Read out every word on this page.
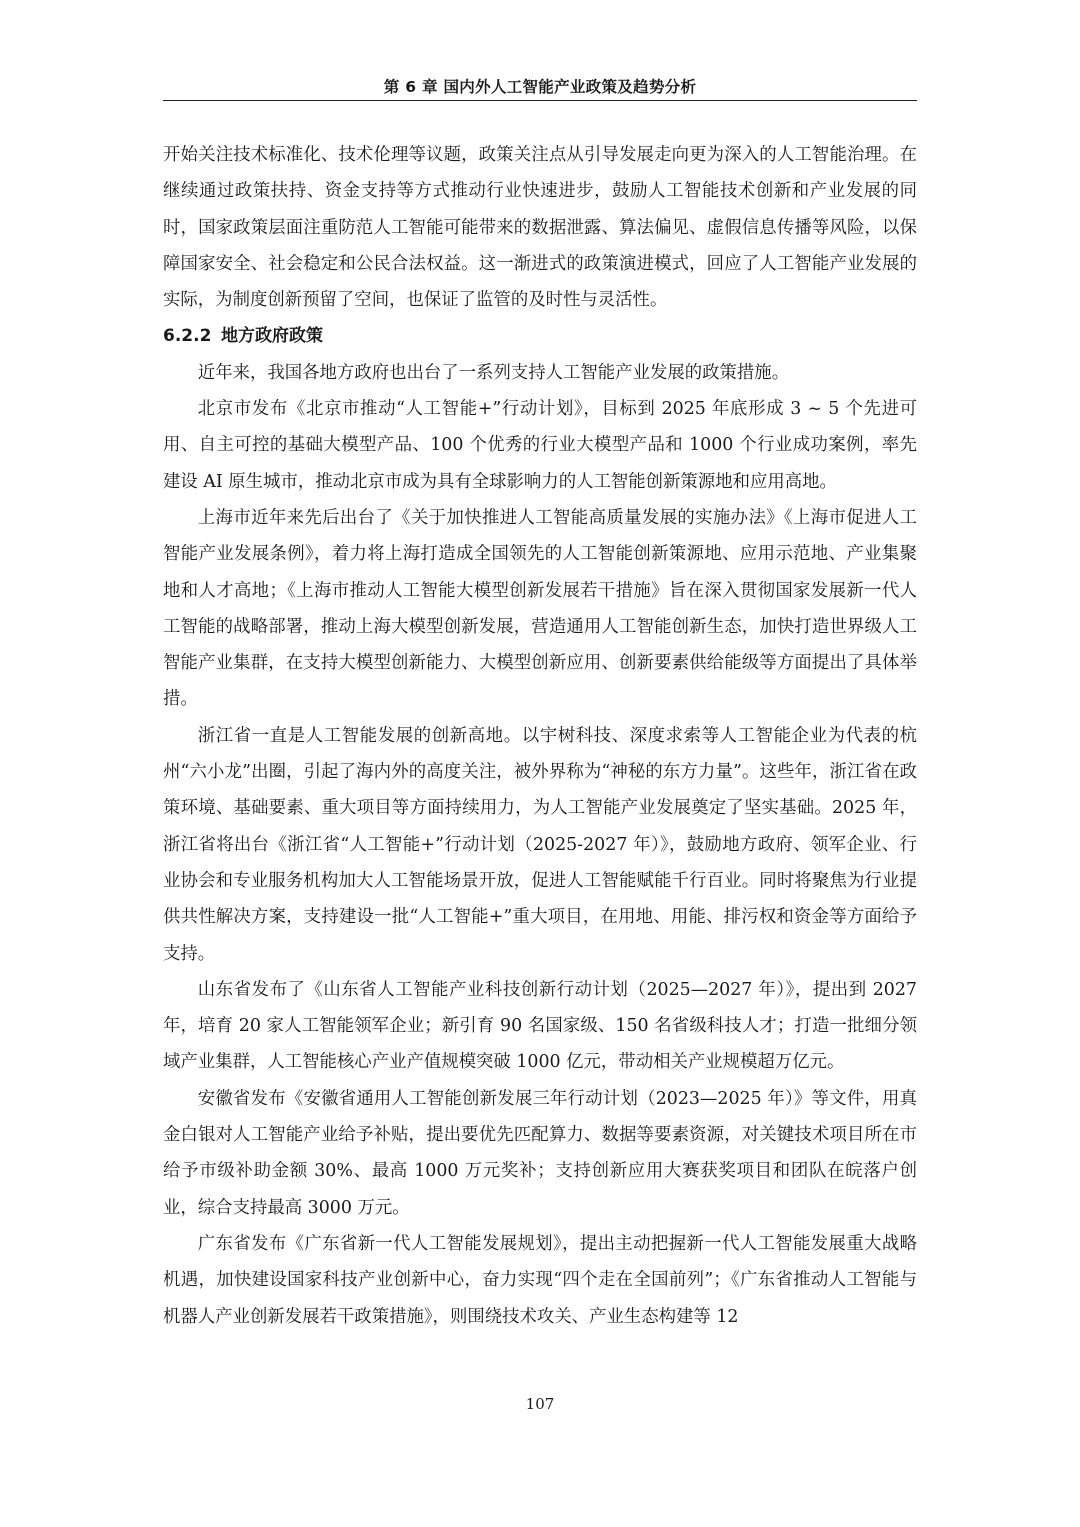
第 6 章 国内外人工智能产业政策及趋势分析

开始关注技术标准化、技术伦理等议题，政策关注点从引导发展走向更为深入的人工智能治理。在继续通过政策扶持、资金支持等方式推动行业快速进步，鼓励人工智能技术创新和产业发展的同时，国家政策层面注重防范人工智能可能带来的数据泄露、算法偏见、虚假信息传播等风险，以保障国家安全、社会稳定和公民合法权益。这一渐进式的政策演进模式，回应了人工智能产业发展的实际，为制度创新预留了空间，也保证了监管的及时性与灵活性。

6.2.2 地方政府政策

近年来，我国各地方政府也出台了一系列支持人工智能产业发展的政策措施。

北京市发布《北京市推动“人工智能+”行动计划》，目标到 2025 年底形成 3 ~ 5 个先进可用、自主可控的基础大模型产品、100 个优秀的行业大模型产品和 1000 个行业成功案例，率先建设 AI 原生城市，推动北京市成为具有全球影响力的人工智能创新策源地和应用高地。

上海市近年来先后出台了《关于加快推进人工智能高质量发展的实施办法》《上海市促进人工智能产业发展条例》，着力将上海打造成全国领先的人工智能创新策源地、应用示范地、产业集聚地和人才高地；《上海市推动人工智能大模型创新发展若干措施》旨在深入贯彻国家发展新一代人工智能的战略部署，推动上海大模型创新发展，营造通用人工智能创新生态，加快打造世界级人工智能产业集群，在支持大模型创新能力、大模型创新应用、创新要素供给能级等方面提出了具体举措。

浙江省一直是人工智能发展的创新高地。以宇树科技、深度求索等人工智能企业为代表的杭州“六小龙”出圈，引起了海内外的高度关注，被外界称为“神秘的东方力量”。这些年，浙江省在政策环境、基础要素、重大项目等方面持续用力，为人工智能产业发展奠定了坚实基础。2025 年，浙江省将出台《浙江省“人工智能+”行动计划（2025-2027 年）》，鼓励地方政府、领军企业、行业协会和专业服务机构加大人工智能场景开放，促进人工智能赋能千行百业。同时将聚焦为行业提供共性解决方案，支持建设一批“人工智能+”重大项目，在用地、用能、排污权和资金等方面给予支持。

山东省发布了《山东省人工智能产业科技创新行动计划（2025—2027 年）》，提出到 2027 年，培育 20 家人工智能领军企业；新引育 90 名国家级、150 名省级科技人才；打造一批细分领域产业集群，人工智能核心产业产值规模突破 1000 亿元，带动相关产业规模超万亿元。

安徽省发布《安徽省通用人工智能创新发展三年行动计划（2023—2025 年）》等文件，用真金白银对人工智能产业给予补贴，提出要优先匹配算力、数据等要素资源，对关键技术项目所在市给予市级补助金额 30%、最高 1000 万元奖补；支持创新应用大赛获奖项目和团队在皖落户创业，综合支持最高 3000 万元。

广东省发布《广东省新一代人工智能发展规划》，提出主动把握新一代人工智能发展重大战略机遇，加快建设国家科技产业创新中心，奋力实现“四个走在全国前列”；《广东省推动人工智能与机器人产业创新发展若干政策措施》，则围绕技术攻关、产业生态构建等 12

107
